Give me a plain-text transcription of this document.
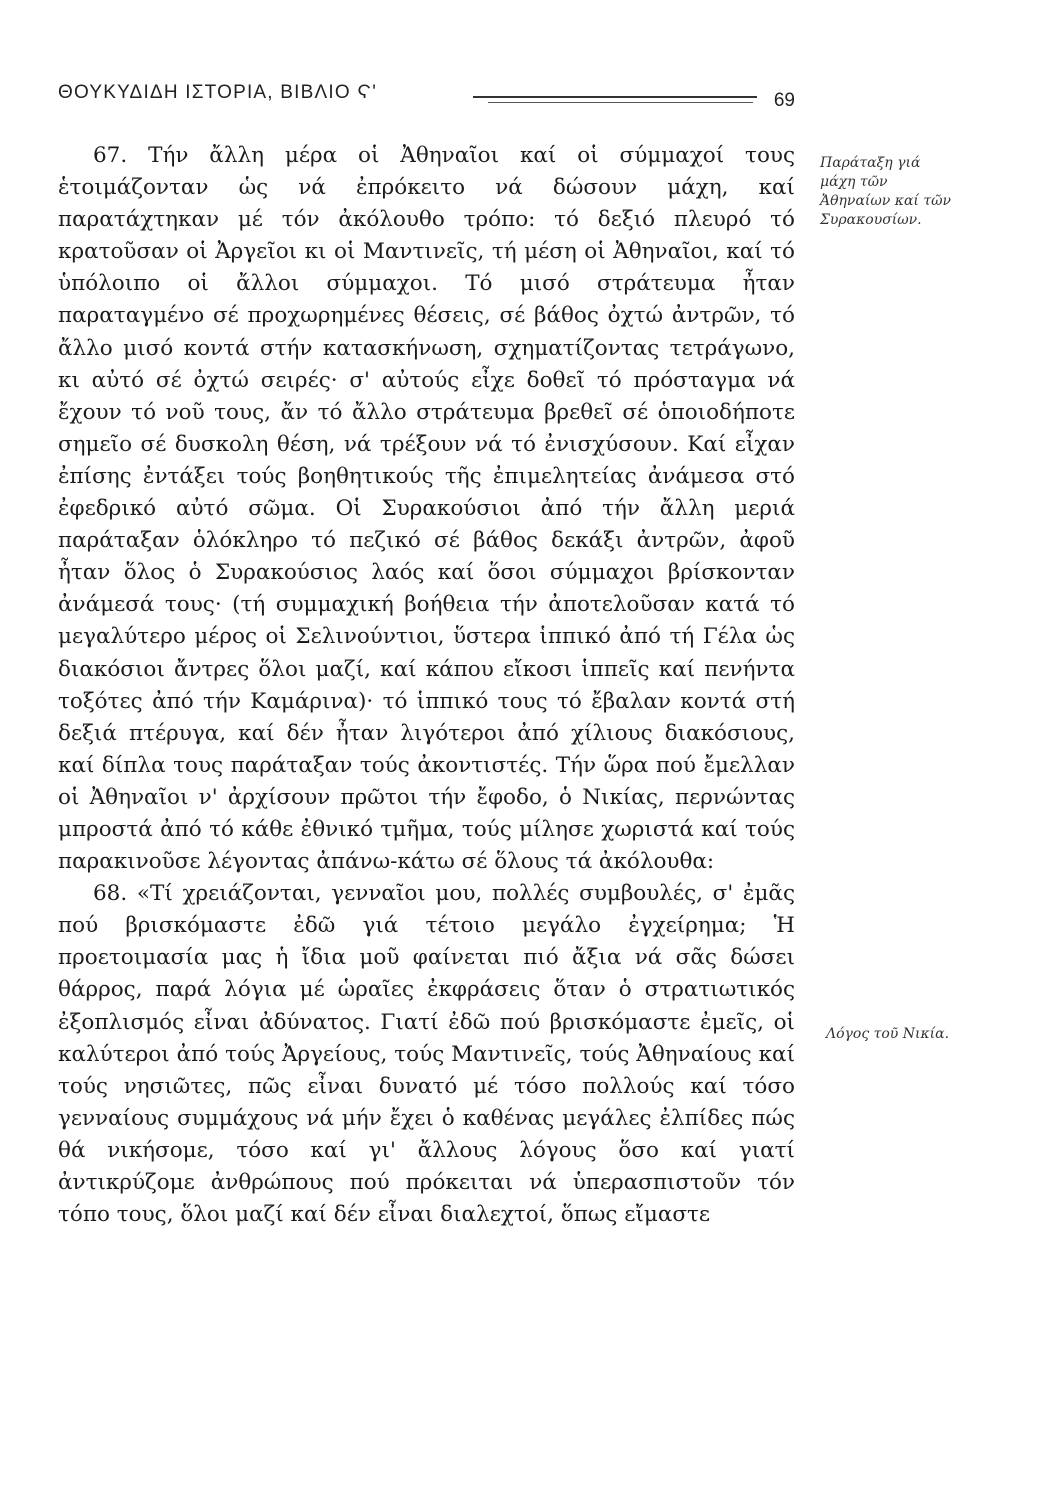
ΘΟΥΚΥΔΙΔΗ ΙΣΤΟΡΙΑ, ΒΙΒΛΙΟ Ϛ'	69

67. Τήν ἄλλη μέρα οἱ Ἀθηναῖοι καί οἱ σύμμαχοί τους ἑτοιμάζονταν ὡς νά ἐπρόκειτο νά δώσουν μάχη, καί παρατάχτηκαν μέ τόν ἀκόλουθο τρόπο: τό δεξιό πλευρό τό κρατοῦσαν οἱ Ἀργεῖοι κι οἱ Μαντινεῖς, τή μέση οἱ Ἀθηναῖοι, καί τό ὑπόλοιπο οἱ ἄλλοι σύμμαχοι. Τό μισό στράτευμα ἦταν παραταγμένο σέ προχωρημένες θέσεις, σέ βάθος ὀχτώ ἀντρῶν, τό ἄλλο μισό κοντά στήν κατασκήνωση, σχηματίζοντας τετράγωνο, κι αὐτό σέ ὀχτώ σειρές· σ' αὐτούς εἶχε δοθεῖ τό πρόσταγμα νά ἔχουν τό νοῦ τους, ἄν τό ἄλλο στράτευμα βρεθεῖ σέ ὁποιοδήποτε σημεῖο σέ δυσκολη θέση, νά τρέξουν νά τό ἐνισχύσουν. Καί εἶχαν ἐπίσης ἐντάξει τούς βοηθητικούς τῆς ἐπιμελητείας ἀνάμεσα στό ἐφεδρικό αὐτό σῶμα. Οἱ Συρακούσιοι ἀπό τήν ἄλλη μεριά παράταξαν ὁλόκληρο τό πεζικό σέ βάθος δεκάξι ἀντρῶν, ἀφοῦ ἦταν ὅλος ὁ Συρακούσιος λαός καί ὅσοι σύμμαχοι βρίσκονταν ἀνάμεσά τους· (τή συμμαχική βοήθεια τήν ἀποτελοῦσαν κατά τό μεγαλύτερο μέρος οἱ Σελινούντιοι, ὕστερα ἱππικό ἀπό τή Γέλα ὡς διακόσιοι ἄντρες ὅλοι μαζί, καί κάπου εἴκοσι ἱππεῖς καί πενήντα τοξότες ἀπό τήν Καμάρινα)· τό ἱππικό τους τό ἔβαλαν κοντά στή δεξιά πτέρυγα, καί δέν ἦταν λιγότεροι ἀπό χίλιους διακόσιους, καί δίπλα τους παράταξαν τούς ἀκοντιστές. Τήν ὥρα πού ἔμελλαν οἱ Ἀθηναῖοι ν' ἀρχίσουν πρῶτοι τήν ἔφοδο, ὁ Νικίας, περνώντας μπροστά ἀπό τό κάθε ἐθνικό τμῆμα, τούς μίλησε χωριστά καί τούς παρακινοῦσε λέγοντας ἀπάνω-κάτω σέ ὅλους τά ἀκόλουθα:

68. «Τί χρειάζονται, γενναῖοι μου, πολλές συμβουλές, σ' ἐμᾶς πού βρισκόμαστε ἐδῶ γιά τέτοιο μεγάλο ἐγχείρημα; Ἡ προετοιμασία μας ἡ ἴδια μοῦ φαίνεται πιό ἄξια νά σᾶς δώσει θάρρος, παρά λόγια μέ ὡραῖες ἐκφράσεις ὅταν ὁ στρατιωτικός ἐξοπλισμός εἶναι ἀδύνατος. Γιατί ἐδῶ πού βρισκόμαστε ἐμεῖς, οἱ καλύτεροι ἀπό τούς Ἀργείους, τούς Μαντινεῖς, τούς Ἀθηναίους καί τούς νησιῶτες, πῶς εἶναι δυνατό μέ τόσο πολλούς καί τόσο γενναίους συμμάχους νά μήν ἔχει ὁ καθένας μεγάλες ἐλπίδες πώς θά νικήσομε, τόσο καί γι' ἄλλους λόγους ὅσο καί γιατί ἀντικρύζομε ἀνθρώπους πού πρόκειται νά ὑπερασπιστοῦν τόν τόπο τους, ὅλοι μαζί καί δέν εἶναι διαλεχτοί, ὅπως εἴμαστε

Παράταξη γιά μάχη τῶν Ἀθηναίων καί τῶν Συρακουσίων.
Λόγος τοῦ Νικία.
